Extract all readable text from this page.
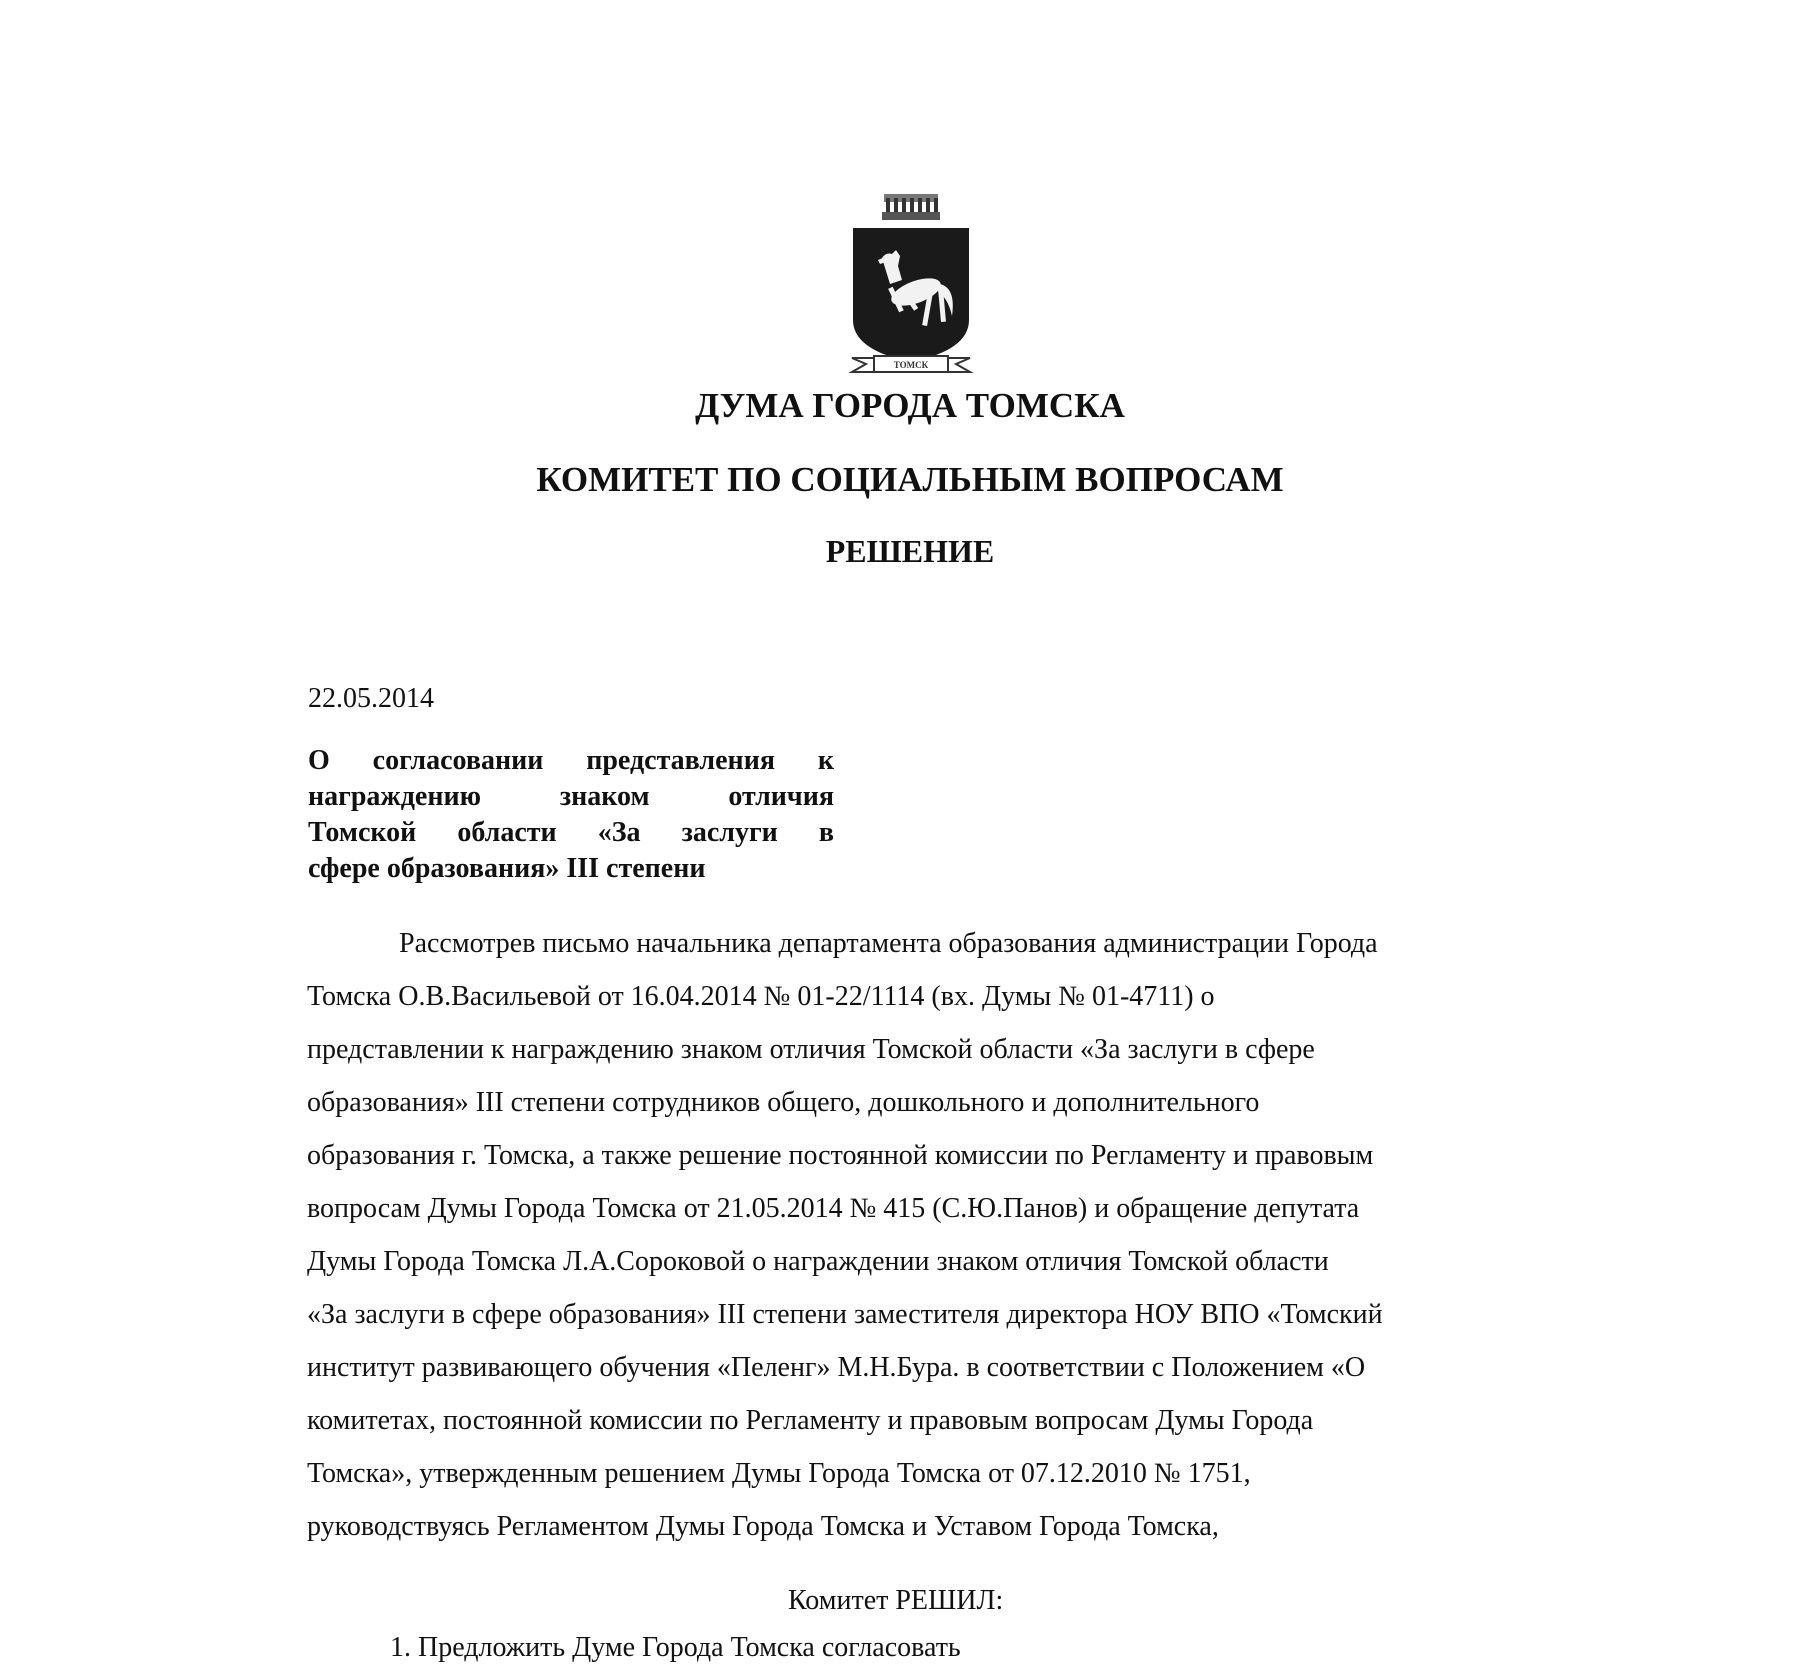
ТОМСК
ДУМА ГОРОДА ТОМСКА
КОМИТЕТ ПО СОЦИАЛЬНЫМ ВОПРОСАМ
РЕШЕНИЕ

22.05.2014

О согласовании представления к
награждению знаком отличия
Томской области «За заслуги в
сфере образования» III степени
Рассмотрев письмо начальника департамента образования администрации Города
Томска О.В.Васильевой от 16.04.2014 № 01-22/1114 (вх. Думы № 01-4711) о
представлении к награждению знаком отличия Томской области «За заслуги в сфере
образования» III степени сотрудников общего, дошкольного и дополнительного
образования г. Томска, а также решение постоянной комиссии по Регламенту и правовым
вопросам Думы Города Томска от 21.05.2014 № 415 (С.Ю.Панов) и обращение депутата
Думы Города Томска Л.А.Сороковой о награждении знаком отличия Томской области
«За заслуги в сфере образования» III степени заместителя директора НОУ ВПО «Томский
институт развивающего обучения «Пеленг» М.Н.Бура. в соответствии с Положением «О
комитетах, постоянной комиссии по Регламенту и правовым вопросам Думы Города
Томска», утвержденным решением Думы Города Томска от 07.12.2010 № 1751,
руководствуясь Регламентом Думы Города Томска и Уставом Города Томска,

Комитет РЕШИЛ:

1. Предложить Думе Города Томска согласовать
